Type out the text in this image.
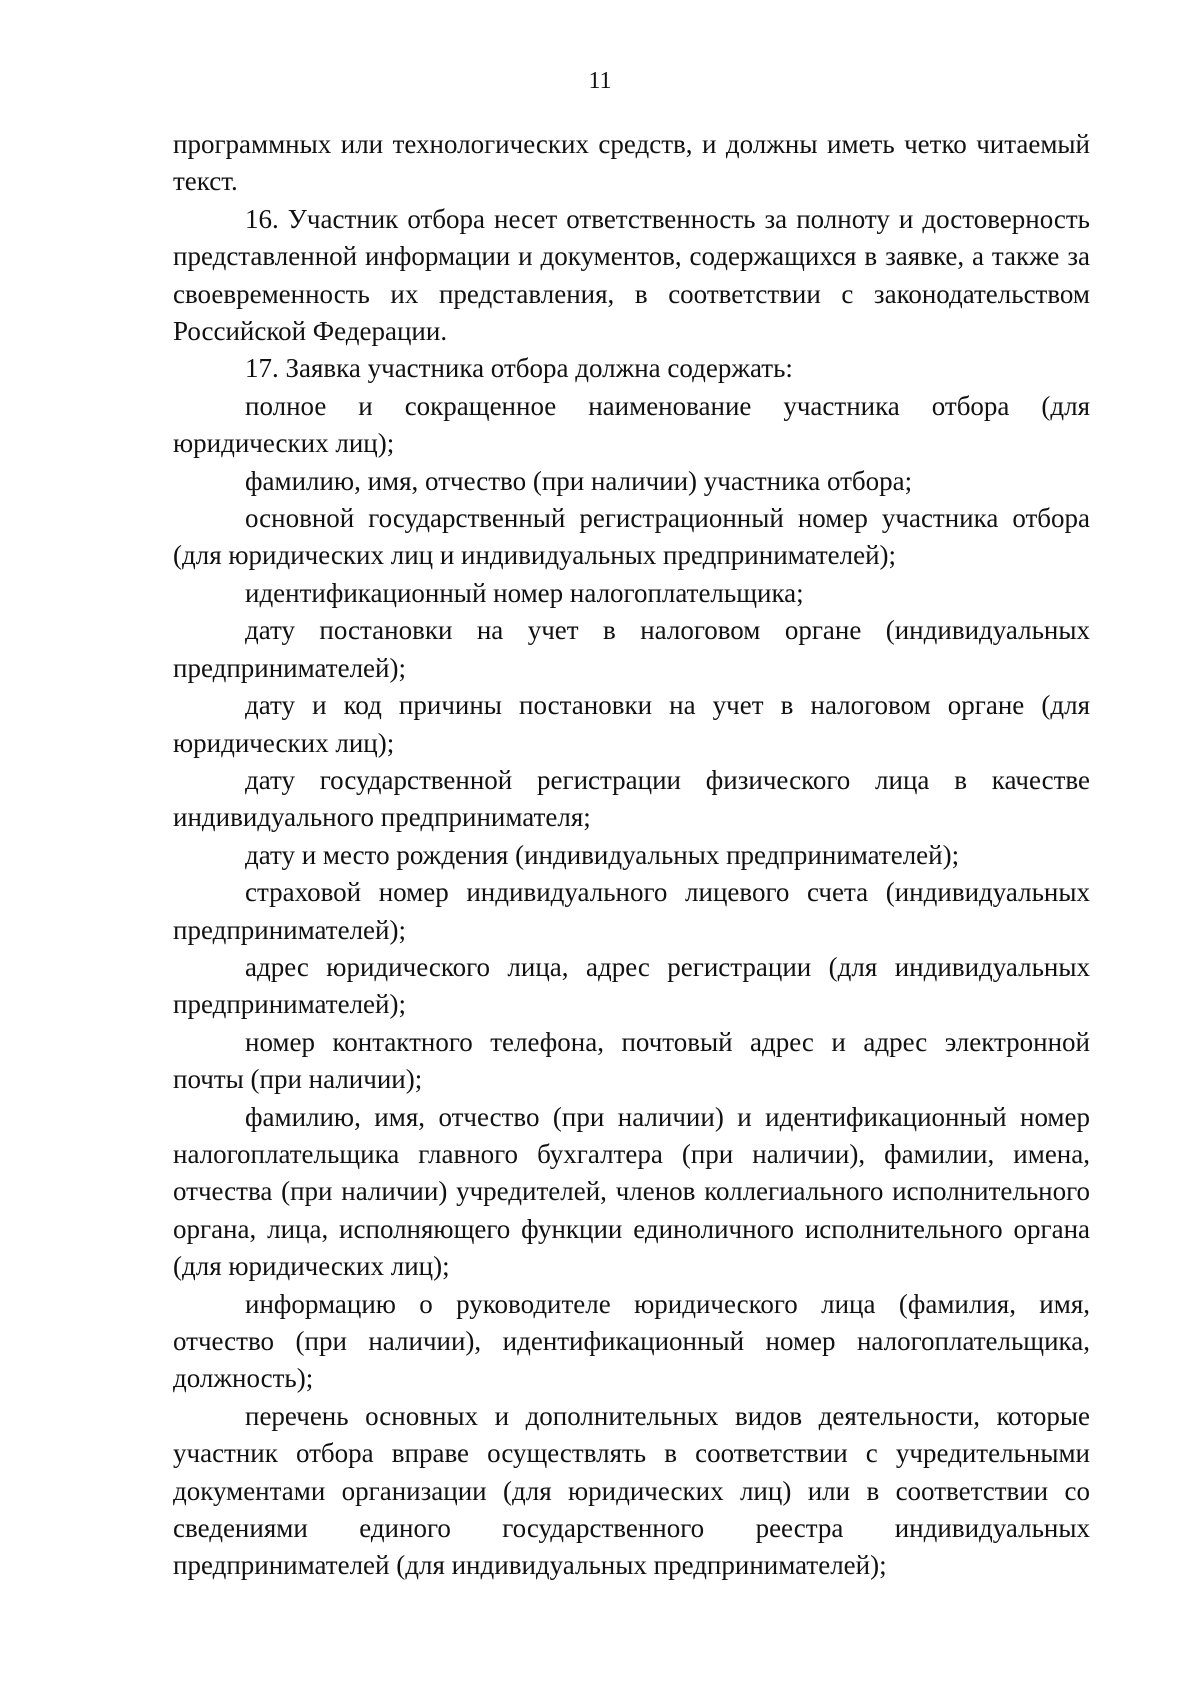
11

программных или технологических средств, и должны иметь четко читаемый текст.

16. Участник отбора несет ответственность за полноту и достоверность представленной информации и документов, содержащихся в заявке, а также за своевременность их представления, в соответствии с законодательством Российской Федерации.

17. Заявка участника отбора должна содержать:

полное и сокращенное наименование участника отбора (для юридических лиц);

фамилию, имя, отчество (при наличии) участника отбора;

основной государственный регистрационный номер участника отбора (для юридических лиц и индивидуальных предпринимателей);

идентификационный номер налогоплательщика;

дату постановки на учет в налоговом органе (индивидуальных предпринимателей);

дату и код причины постановки на учет в налоговом органе (для юридических лиц);

дату государственной регистрации физического лица в качестве индивидуального предпринимателя;

дату и место рождения (индивидуальных предпринимателей);

страховой номер индивидуального лицевого счета (индивидуальных предпринимателей);

адрес юридического лица, адрес регистрации (для индивидуальных предпринимателей);

номер контактного телефона, почтовый адрес и адрес электронной почты (при наличии);

фамилию, имя, отчество (при наличии) и идентификационный номер налогоплательщика главного бухгалтера (при наличии), фамилии, имена, отчества (при наличии) учредителей, членов коллегиального исполнительного органа, лица, исполняющего функции единоличного исполнительного органа (для юридических лиц);

информацию о руководителе юридического лица (фамилия, имя, отчество (при наличии), идентификационный номер налогоплательщика, должность);

перечень основных и дополнительных видов деятельности, которые участник отбора вправе осуществлять в соответствии с учредительными документами организации (для юридических лиц) или в соответствии со сведениями единого государственного реестра индивидуальных предпринимателей (для индивидуальных предпринимателей);
